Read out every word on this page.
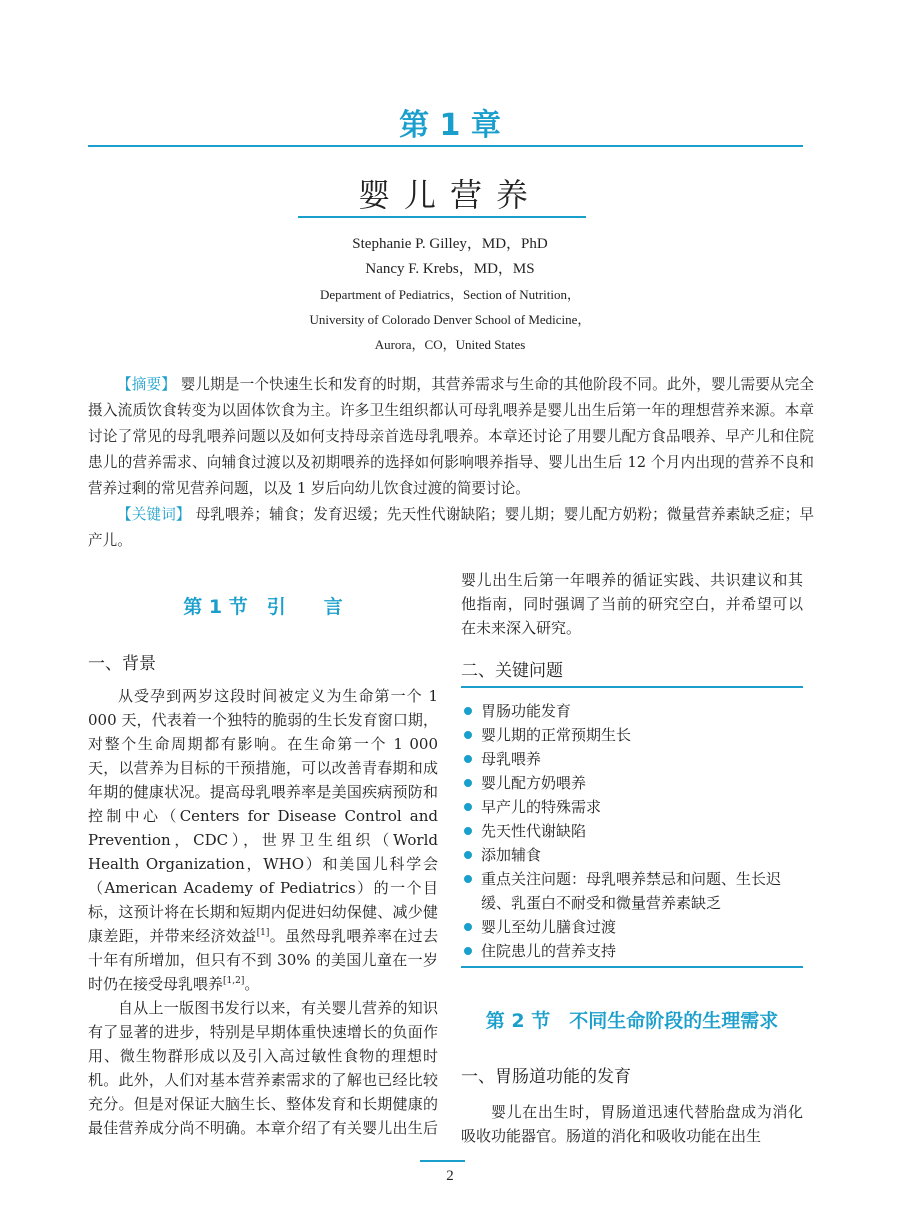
第 1 章
婴儿营养
Stephanie P. Gilley，MD，PhD
Nancy F. Krebs，MD，MS
Department of Pediatrics，Section of Nutrition，
University of Colorado Denver School of Medicine，
Aurora，CO，United States

【摘要】 婴儿期是一个快速生长和发育的时期，其营养需求与生命的其他阶段不同。此外，婴儿需要从完全摄入流质饮食转变为以固体饮食为主。许多卫生组织都认可母乳喂养是婴儿出生后第一年的理想营养来源。本章讨论了常见的母乳喂养问题以及如何支持母亲首选母乳喂养。本章还讨论了用婴儿配方食品喂养、早产儿和住院患儿的营养需求、向辅食过渡以及初期喂养的选择如何影响喂养指导、婴儿出生后 12 个月内出现的营养不良和营养过剩的常见营养问题，以及 1 岁后向幼儿饮食过渡的简要讨论。

【关键词】 母乳喂养；辅食；发育迟缓；先天性代谢缺陷；婴儿期；婴儿配方奶粉；微量营养素缺乏症；早产儿。

第 1 节　引　　言
一、背景

从受孕到两岁这段时间被定义为生命第一个 1 000 天，代表着一个独特的脆弱的生长发育窗口期，对整个生命周期都有影响。在生命第一个 1 000 天，以营养为目标的干预措施，可以改善青春期和成年期的健康状况。提高母乳喂养率是美国疾病预防和控制中心（Centers for Disease Control and Prevention，CDC），世界卫生组织（World Health Organization，WHO）和美国儿科学会（American Academy of Pediatrics）的一个目标，这预计将在长期和短期内促进妇幼保健、减少健康差距，并带来经济效益[1]。虽然母乳喂养率在过去十年有所增加，但只有不到 30% 的美国儿童在一岁时仍在接受母乳喂养[1,2]。

自从上一版图书发行以来，有关婴儿营养的知识有了显著的进步，特别是早期体重快速增长的负面作用、微生物群形成以及引入高过敏性食物的理想时机。此外，人们对基本营养素需求的了解也已经比较充分。但是对保证大脑生长、整体发育和长期健康的最佳营养成分尚不明确。本章介绍了有关婴儿出生后

婴儿出生后第一年喂养的循证实践、共识建议和其他指南，同时强调了当前的研究空白，并希望可以在未来深入研究。
二、关键问题
胃肠功能发育
婴儿期的正常预期生长
母乳喂养
婴儿配方奶喂养
早产儿的特殊需求
先天性代谢缺陷
添加辅食
重点关注问题：母乳喂养禁忌和问题、生长迟缓、乳蛋白不耐受和微量营养素缺乏
婴儿至幼儿膳食过渡
住院患儿的营养支持
第 2 节　不同生命阶段的生理需求
一、胃肠道功能的发育

婴儿在出生时，胃肠道迅速代替胎盘成为消化吸收功能器官。肠道的消化和吸收功能在出生

2
